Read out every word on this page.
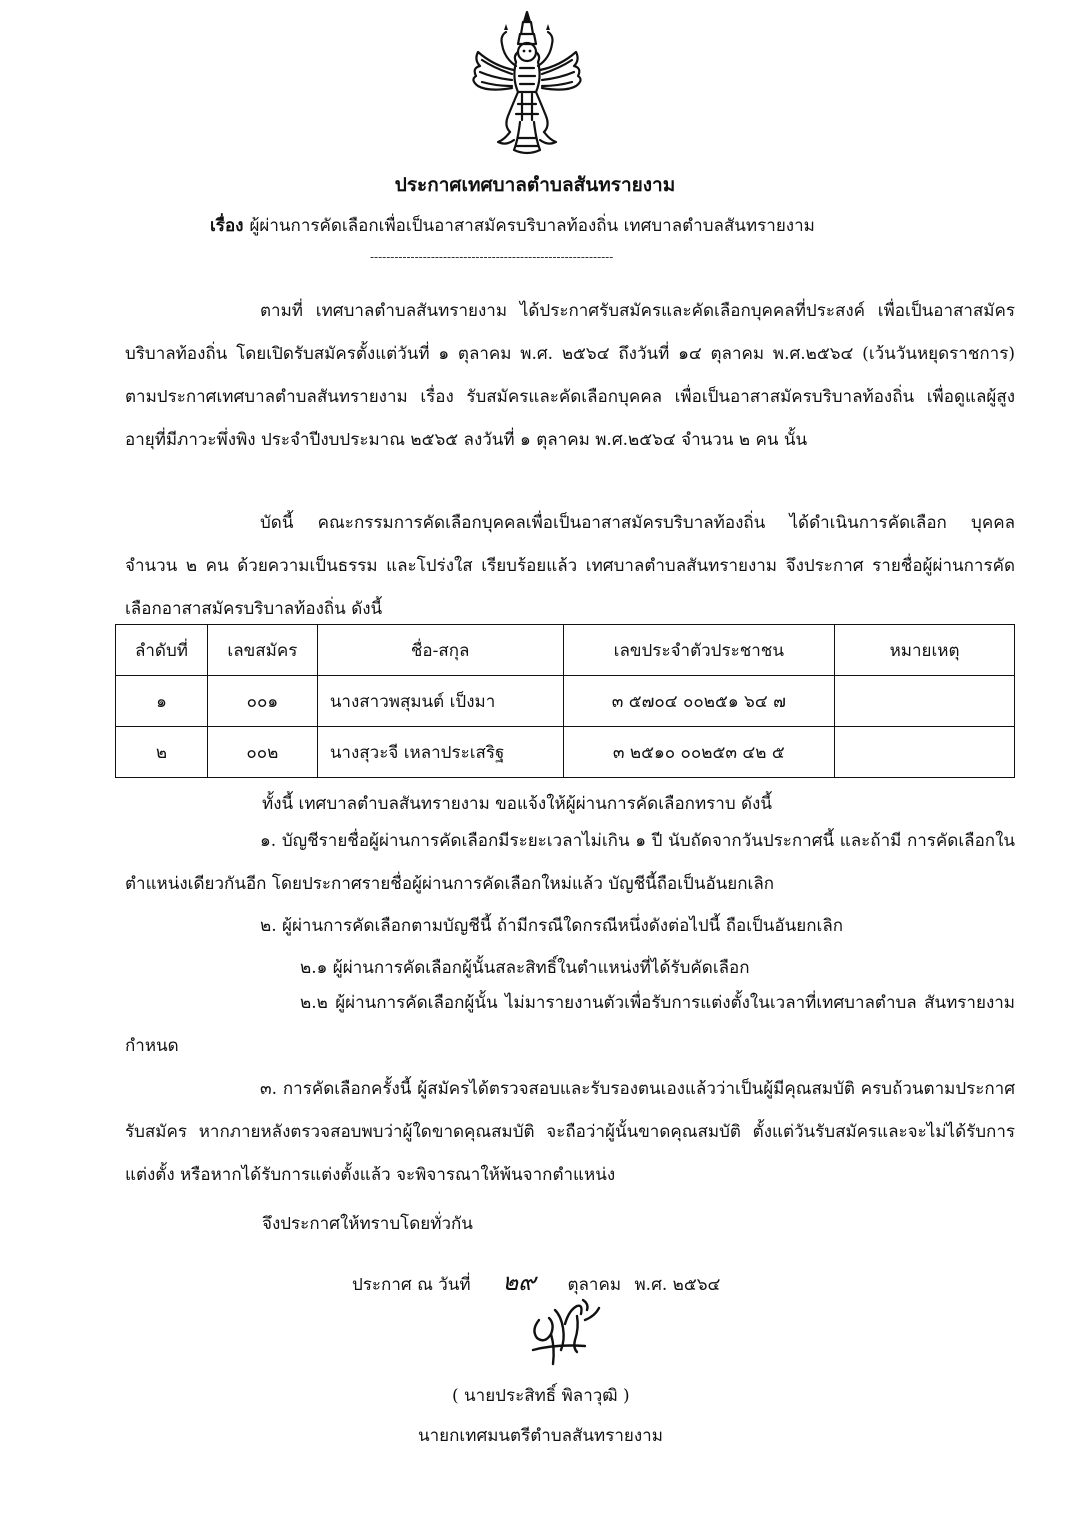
ประกาศเทศบาลตำบลสันทรายงาม
เรื่อง ผู้ผ่านการคัดเลือกเพื่อเป็นอาสาสมัครบริบาลท้องถิ่น เทศบาลตำบลสันทรายงาม
------------------------------------------------------------

ตามที่ เทศบาลตำบลสันทรายงาม ได้ประกาศรับสมัครและคัดเลือกบุคคลที่ประสงค์ เพื่อเป็นอาสาสมัครบริบาลท้องถิ่น โดยเปิดรับสมัครตั้งแต่วันที่ ๑ ตุลาคม พ.ศ. ๒๕๖๔ ถึงวันที่ ๑๔ ตุลาคม พ.ศ.๒๕๖๔ (เว้นวันหยุดราชการ) ตามประกาศเทศบาลตำบลสันทรายงาม เรื่อง รับสมัครและคัดเลือกบุคคล เพื่อเป็นอาสาสมัครบริบาลท้องถิ่น เพื่อดูแลผู้สูงอายุที่มีภาวะพึ่งพิง ประจำปีงบประมาณ ๒๕๖๕ ลงวันที่ ๑ ตุลาคม พ.ศ.๒๕๖๔ จำนวน ๒ คน นั้น

บัดนี้ คณะกรรมการคัดเลือกบุคคลเพื่อเป็นอาสาสมัครบริบาลท้องถิ่น ได้ดำเนินการคัดเลือก บุคคล จำนวน ๒ คน ด้วยความเป็นธรรม และโปร่งใส เรียบร้อยแล้ว เทศบาลตำบลสันทรายงาม จึงประกาศ รายชื่อผู้ผ่านการคัดเลือกอาสาสมัครบริบาลท้องถิ่น ดังนี้

ลำดับที่	เลขสมัคร	ชื่อ-สกุล	เลขประจำตัวประชาชน	หมายเหตุ
๑	๐๐๑	นางสาวพสุมนต์ เป็งมา	๓ ๕๗๐๔ ๐๐๒๕๑ ๖๔ ๗	
๒	๐๐๒	นางสุวะจี เหลาประเสริฐ	๓ ๒๕๑๐ ๐๐๒๕๓ ๔๒ ๕	
ทั้งนี้ เทศบาลตำบลสันทรายงาม ขอแจ้งให้ผู้ผ่านการคัดเลือกทราบ ดังนี้

๑. บัญชีรายชื่อผู้ผ่านการคัดเลือกมีระยะเวลาไม่เกิน ๑ ปี นับถัดจากวันประกาศนี้ และถ้ามี การคัดเลือกในตำแหน่งเดียวกันอีก โดยประกาศรายชื่อผู้ผ่านการคัดเลือกใหม่แล้ว บัญชีนี้ถือเป็นอันยกเลิก

๒. ผู้ผ่านการคัดเลือกตามบัญชีนี้ ถ้ามีกรณีใดกรณีหนึ่งดังต่อไปนี้ ถือเป็นอันยกเลิก
๒.๑ ผู้ผ่านการคัดเลือกผู้นั้นสละสิทธิ์ในตำแหน่งที่ได้รับคัดเลือก

๒.๒ ผู้ผ่านการคัดเลือกผู้นั้น ไม่มารายงานตัวเพื่อรับการแต่งตั้งในเวลาที่เทศบาลตำบล สันทรายงามกำหนด

๓. การคัดเลือกครั้งนี้ ผู้สมัครได้ตรวจสอบและรับรองตนเองแล้วว่าเป็นผู้มีคุณสมบัติ ครบถ้วนตามประกาศรับสมัคร หากภายหลังตรวจสอบพบว่าผู้ใดขาดคุณสมบัติ จะถือว่าผู้นั้นขาดคุณสมบัติ ตั้งแต่วันรับสมัครและจะไม่ได้รับการแต่งตั้ง หรือหากได้รับการแต่งตั้งแล้ว จะพิจารณาให้พ้นจากตำแหน่ง

จึงประกาศให้ทราบโดยทั่วกัน
ประกาศ ณ วันที่ ๒๙ ตุลาคม พ.ศ. ๒๕๖๔
( นายประสิทธิ์ พิลาวุฒิ )
นายกเทศมนตรีตำบลสันทรายงาม
